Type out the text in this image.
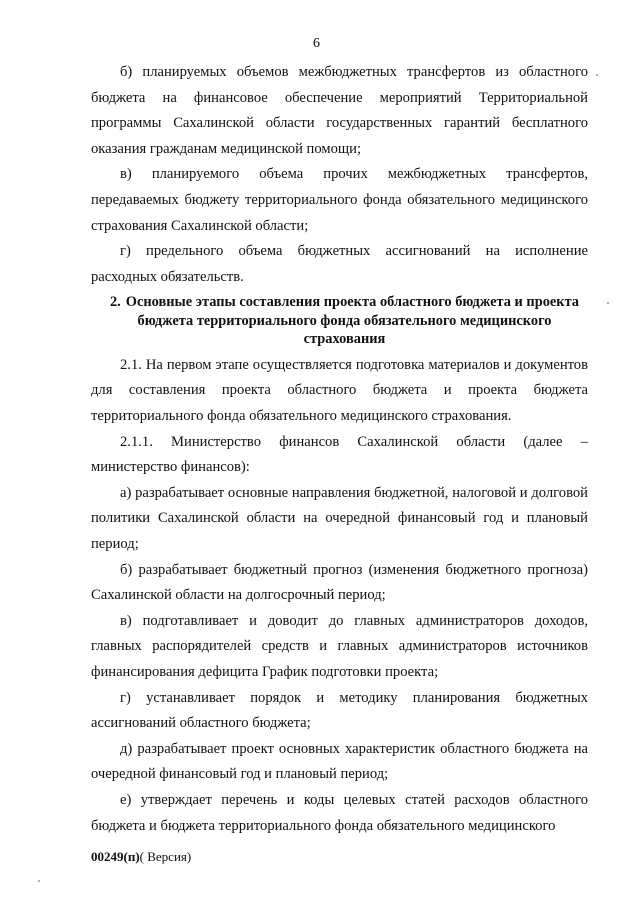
6

б) планируемых объемов межбюджетных трансфертов из областного бюджета на финансовое обеспечение мероприятий Территориальной программы Сахалинской области государственных гарантий бесплатного оказания гражданам медицинской помощи;

в) планируемого объема прочих межбюджетных трансфертов, передаваемых бюджету территориального фонда обязательного медицинского страхования Сахалинской области;

г) предельного объема бюджетных ассигнований на исполнение расходных обязательств.

2. Основные этапы составления проекта областного бюджета и проекта бюджета территориального фонда обязательного медицинского страхования

2.1. На первом этапе осуществляется подготовка материалов и документов для составления проекта областного бюджета и проекта бюджета территориального фонда обязательного медицинского страхования.

2.1.1. Министерство финансов Сахалинской области (далее – министерство финансов):

а) разрабатывает основные направления бюджетной, налоговой и долговой политики Сахалинской области на очередной финансовый год и плановый период;

б) разрабатывает бюджетный прогноз (изменения бюджетного прогноза) Сахалинской области на долгосрочный период;

в) подготавливает и доводит до главных администраторов доходов, главных распорядителей средств и главных администраторов источников финансирования дефицита График подготовки проекта;

г) устанавливает порядок и методику планирования бюджетных ассигнований областного бюджета;

д) разрабатывает проект основных характеристик областного бюджета на очередной финансовый год и плановый период;

е) утверждает перечень и коды целевых статей расходов областного бюджета и бюджета территориального фонда обязательного медицинского

00249(п)( Версия)
